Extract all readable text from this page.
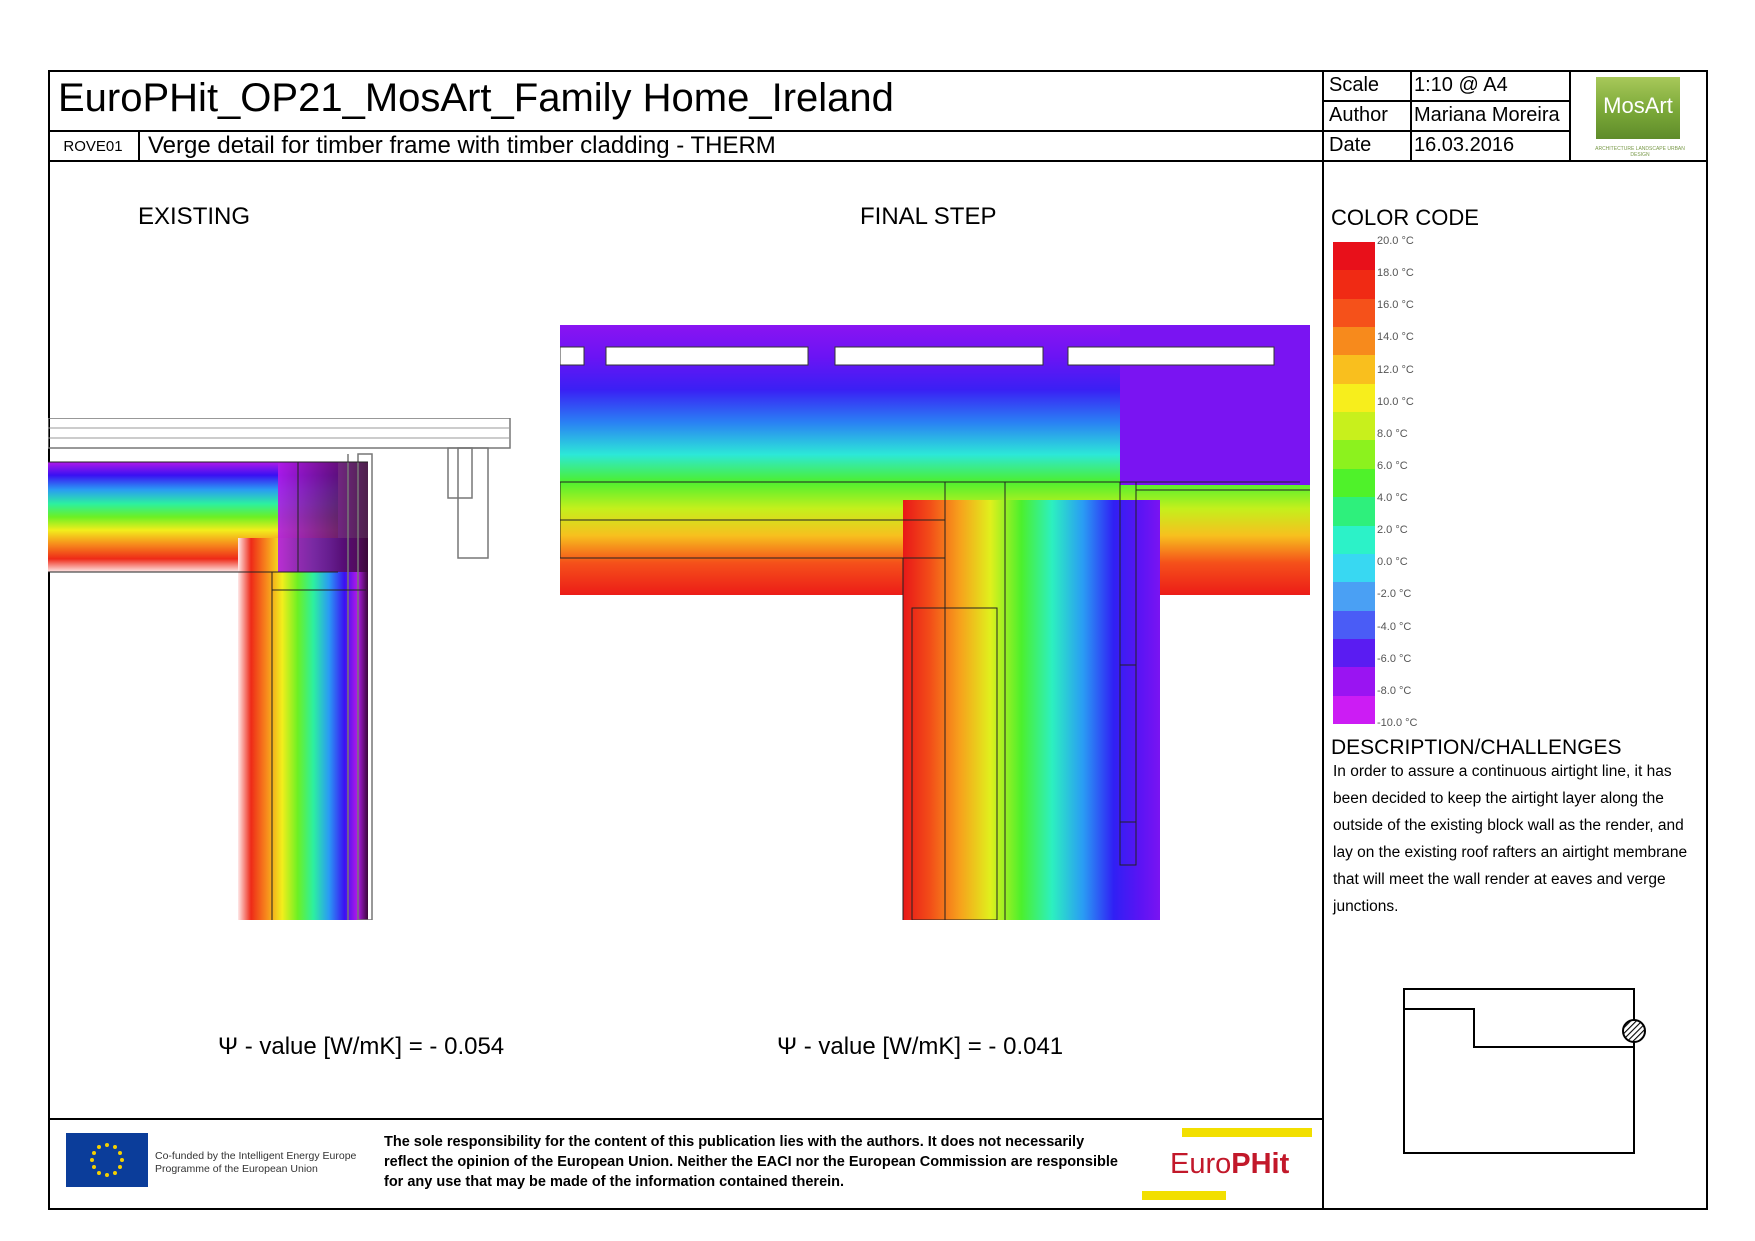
EuroPHit_OP21_MosArt_Family Home_Ireland
ROVE01	Verge detail for timber frame with timber cladding - THERM
Scale 1:10 @ A4
Author Mariana Moreira
Date 16.03.2016
MosArt
ARCHITECTURE LANDSCAPE URBAN DESIGN
EXISTING	FINAL STEP
Ψ - value [W/mK] = - 0.054	Ψ - value [W/mK] = - 0.041
COLOR CODE
20.0 °C
18.0 °C
16.0 °C
14.0 °C
12.0 °C
10.0 °C
8.0 °C
6.0 °C
4.0 °C
2.0 °C
0.0 °C
-2.0 °C
-4.0 °C
-6.0 °C
-8.0 °C
-10.0 °C
DESCRIPTION/CHALLENGES
In order to assure a continuous airtight line, it has been decided to keep the airtight layer along the outside of the existing block wall as the render, and lay on the existing roof rafters an airtight membrane that will meet the wall render at eaves and verge junctions.
Co-funded by the Intelligent Energy Europe Programme of the European Union
The sole responsibility for the content of this publication lies with the authors. It does not necessarily reflect the opinion of the European Union. Neither the EACI nor the European Commission are responsible for any use that may be made of the information contained therein.
EuroPHit
